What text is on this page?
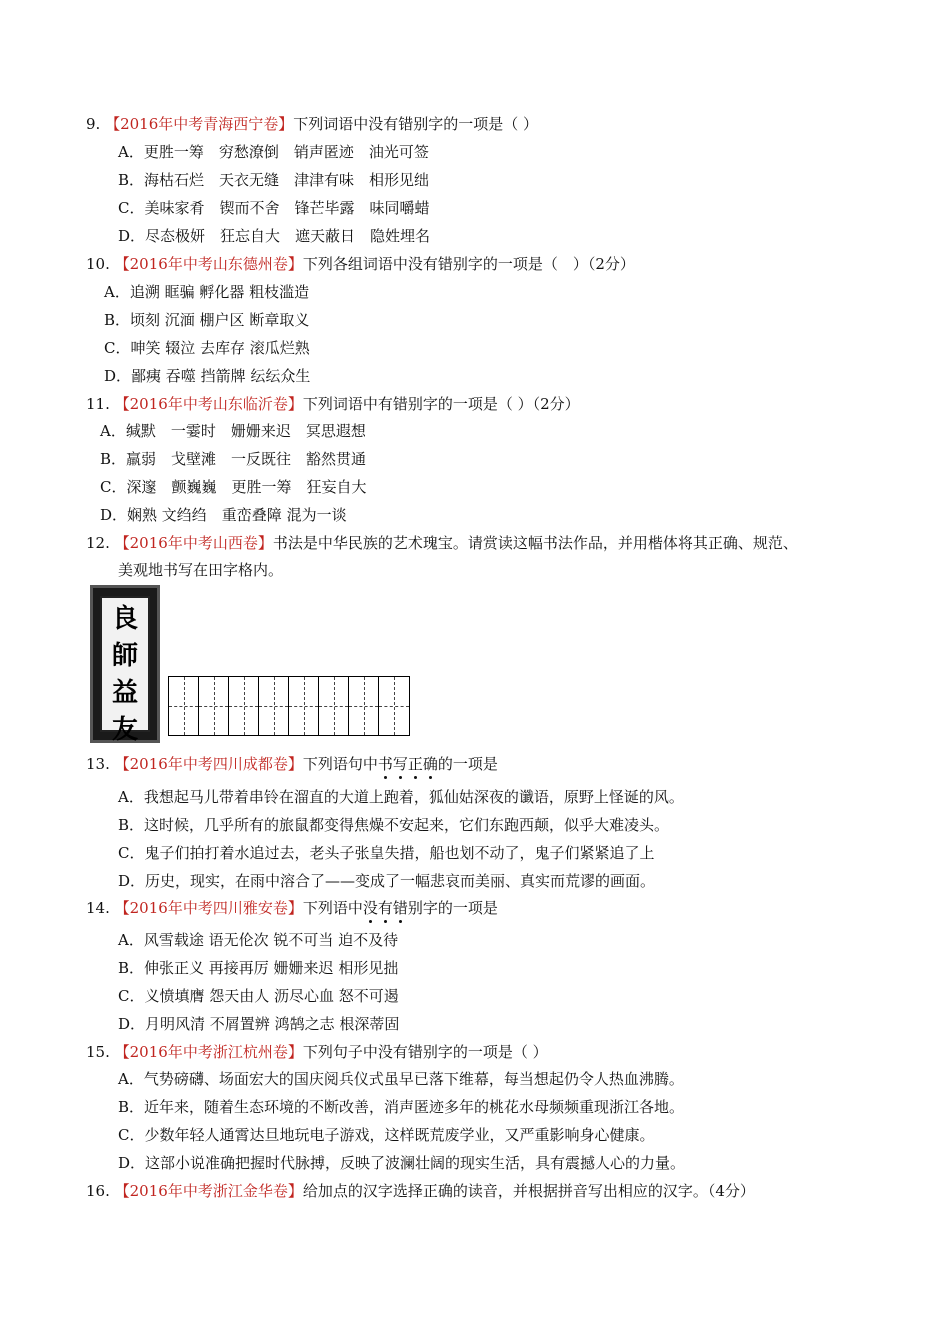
9. 【2016年中考青海西宁卷】下列词语中没有错别字的一项是（ ）
A．更胜一筹　穷愁潦倒　销声匿迹　油光可签
B．海枯石烂　天衣无缝　津津有味　相形见绌
C．美味家肴　锲而不舍　锋芒毕露　味同嚼蜡
D．尽态极妍　狂忘自大　遮天蔽日　隐姓埋名
10. 【2016年中考山东德州卷】下列各组词语中没有错别字的一项是（　）（2分）
A．追溯 眶骗 孵化器 粗枝滥造
B．顷刻 沉湎 棚户区 断章取义
C．呻笑 辍泣 去库存 滚瓜烂熟
D．鄙痍 吞噬 挡箭牌 纭纭众生
11. 【2016年中考山东临沂卷】下列词语中有错别字的一项是（ ）（2分）
A．缄默　一霎时　姗姗来迟　冥思遐想
B．羸弱　戈壁滩　一反既往　豁然贯通
C．深邃　颤巍巍　更胜一筹　狂妄自大
D．娴熟 文绉绉　重峦叠障 混为一谈
12. 【2016年中考山西卷】书法是中华民族的艺术瑰宝。请赏读这幅书法作品，并用楷体将其正确、规范、
美观地书写在田字格内。
良
師
益
友
13. 【2016年中考四川成都卷】下列语句中书写正确的一项是
A．我想起马儿带着串铃在溜直的大道上跑着，狐仙姑深夜的谶语，原野上怪诞的风。
B．这时候，几乎所有的旅鼠都变得焦燥不安起来，它们东跑西颠，似乎大难凌头。
C．鬼子们拍打着水追过去，老头子张皇失措，船也划不动了，鬼子们紧紧追了上
D．历史，现实，在雨中溶合了——变成了一幅悲哀而美丽、真实而荒谬的画面。
14. 【2016年中考四川雅安卷】下列语中没有错别字的一项是
A．风雪载途 语无伦次 锐不可当 迫不及待
B．伸张正义 再接再厉 姗姗来迟 相形见拙
C．义愤填膺 怨天由人 沥尽心血 怒不可遏
D．月明风清 不屑置辨 鸿鹄之志 根深蒂固
15. 【2016年中考浙江杭州卷】下列句子中没有错别字的一项是（ ）
A．气势磅礴、场面宏大的国庆阅兵仪式虽早已落下维幕，每当想起仍令人热血沸腾。
B．近年来，随着生态环境的不断改善，消声匿迹多年的桃花水母频频重现浙江各地。
C．少数年轻人通霄达旦地玩电子游戏，这样既荒废学业，又严重影响身心健康。
D．这部小说准确把握时代脉搏，反映了波澜壮阔的现实生活，具有震撼人心的力量。
16. 【2016年中考浙江金华卷】给加点的汉字选择正确的读音，并根据拼音写出相应的汉字。（4分）
